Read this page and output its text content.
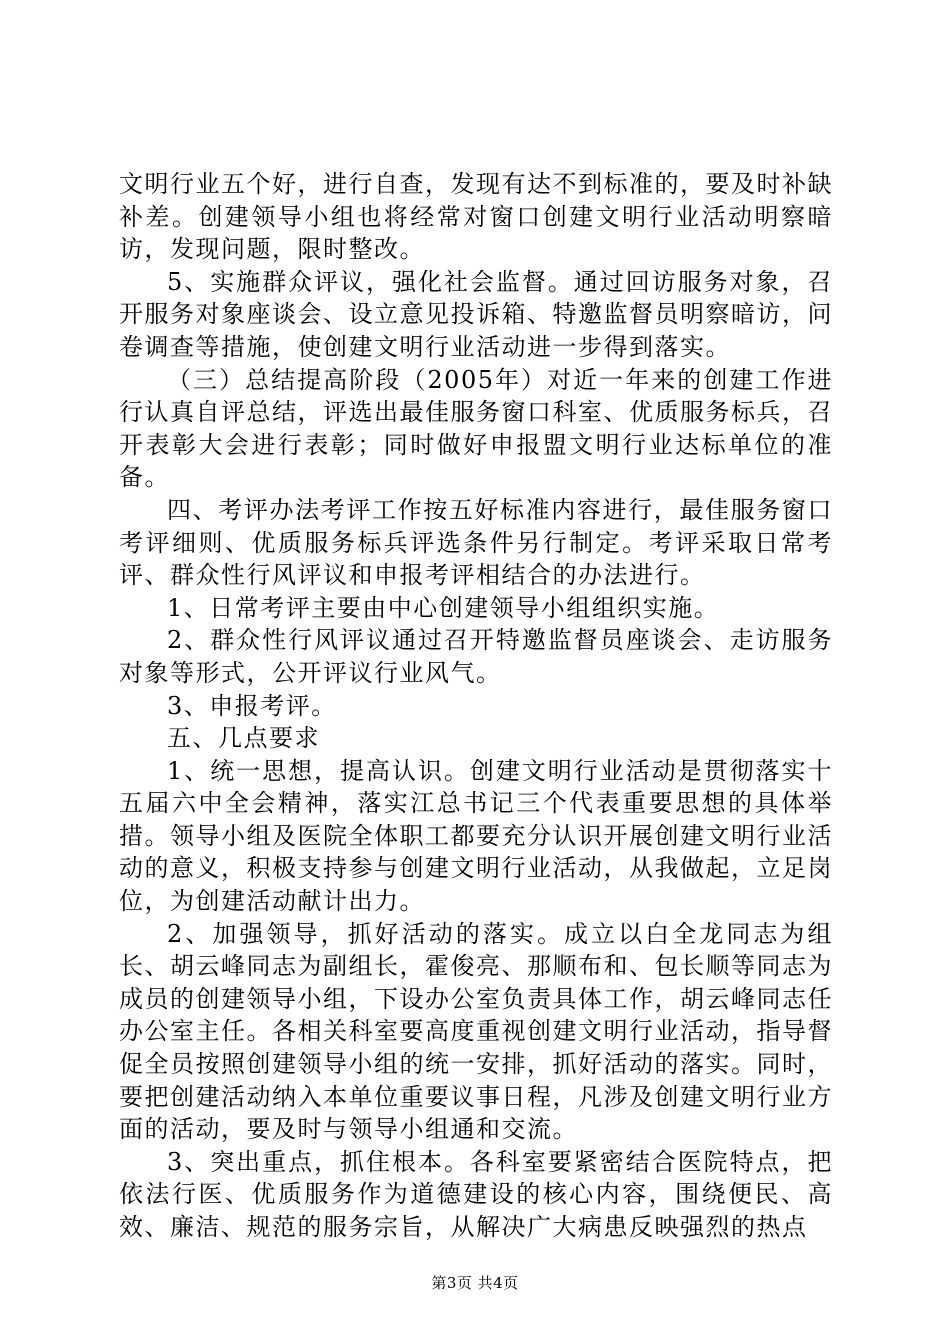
文明行业五个好，进行自查，发现有达不到标准的，要及时补缺补差。创建领导小组也将经常对窗口创建文明行业活动明察暗访，发现问题，限时整改。

5、实施群众评议，强化社会监督。通过回访服务对象，召开服务对象座谈会、设立意见投诉箱、特邀监督员明察暗访，问卷调查等措施，使创建文明行业活动进一步得到落实。

（三）总结提高阶段（2005年）对近一年来的创建工作进行认真自评总结，评选出最佳服务窗口科室、优质服务标兵，召开表彰大会进行表彰；同时做好申报盟文明行业达标单位的准备。

四、考评办法考评工作按五好标准内容进行，最佳服务窗口考评细则、优质服务标兵评选条件另行制定。考评采取日常考评、群众性行风评议和申报考评相结合的办法进行。

1、日常考评主要由中心创建领导小组组织实施。

2、群众性行风评议通过召开特邀监督员座谈会、走访服务对象等形式，公开评议行业风气。

3、申报考评。

五、几点要求

1、统一思想，提高认识。创建文明行业活动是贯彻落实十五届六中全会精神，落实江总书记三个代表重要思想的具体举措。领导小组及医院全体职工都要充分认识开展创建文明行业活动的意义，积极支持参与创建文明行业活动，从我做起，立足岗位，为创建活动献计出力。

2、加强领导，抓好活动的落实。成立以白全龙同志为组长、胡云峰同志为副组长，霍俊亮、那顺布和、包长顺等同志为成员的创建领导小组，下设办公室负责具体工作，胡云峰同志任办公室主任。各相关科室要高度重视创建文明行业活动，指导督促全员按照创建领导小组的统一安排，抓好活动的落实。同时，要把创建活动纳入本单位重要议事日程，凡涉及创建文明行业方面的活动，要及时与领导小组通和交流。

3、突出重点，抓住根本。各科室要紧密结合医院特点，把依法行医、优质服务作为道德建设的核心内容，围绕便民、高效、廉洁、规范的服务宗旨，从解决广大病患反映强烈的热点

第3页 共4页
